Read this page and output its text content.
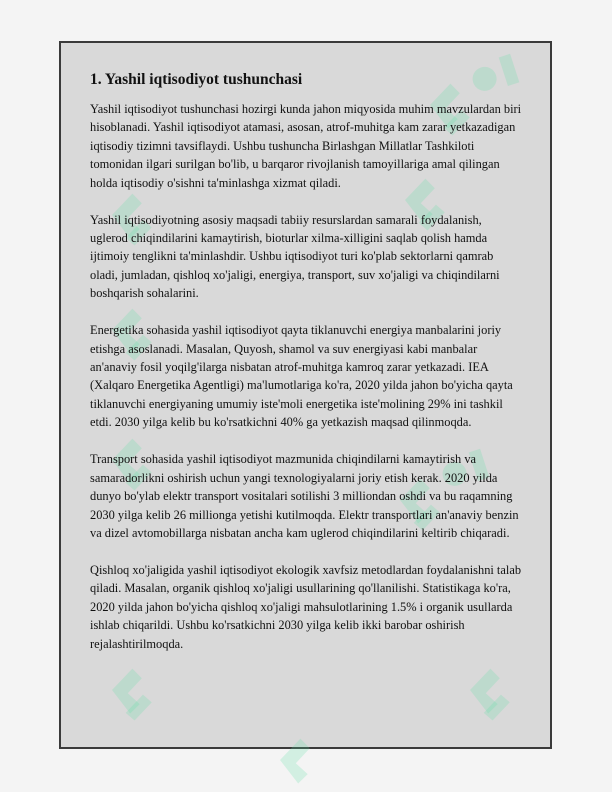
1. Yashil iqtisodiyot tushunchasi

Yashil iqtisodiyot tushunchasi hozirgi kunda jahon miqyosida muhim mavzulardan biri hisoblanadi. Yashil iqtisodiyot atamasi, asosan, atrof-muhitga kam zarar yetkazadigan iqtisodiy tizimni tavsiflaydi. Ushbu tushuncha Birlashgan Millatlar Tashkiloti tomonidan ilgari surilgan bo'lib, u barqaror rivojlanish tamoyillariga amal qilingan holda iqtisodiy o'sishni ta'minlashga xizmat qiladi.

Yashil iqtisodiyotning asosiy maqsadi tabiiy resurslardan samarali foydalanish, uglerod chiqindilarini kamaytirish, bioturlar xilma-xilligini saqlab qolish hamda ijtimoiy tenglikni ta'minlashdir. Ushbu iqtisodiyot turi ko'plab sektorlarni qamrab oladi, jumladan, qishloq xo'jaligi, energiya, transport, suv xo'jaligi va chiqindilarni boshqarish sohalarini.

Energetika sohasida yashil iqtisodiyot qayta tiklanuvchi energiya manbalarini joriy etishga asoslanadi. Masalan, Quyosh, shamol va suv energiyasi kabi manbalar an'anaviy fosil yoqilg'ilarga nisbatan atrof-muhitga kamroq zarar yetkazadi. IEA (Xalqaro Energetika Agentligi) ma'lumotlariga ko'ra, 2020 yilda jahon bo'yicha qayta tiklanuvchi energiyaning umumiy iste'moli energetika iste'molining 29% ini tashkil etdi. 2030 yilga kelib bu ko'rsatkichni 40% ga yetkazish maqsad qilinmoqda.

Transport sohasida yashil iqtisodiyot mazmunida chiqindilarni kamaytirish va samaradorlikni oshirish uchun yangi texnologiyalarni joriy etish kerak. 2020 yilda dunyo bo'ylab elektr transport vositalari sotilishi 3 milliondan oshdi va bu raqamning 2030 yilga kelib 26 millionga yetishi kutilmoqda. Elektr transportlari an'anaviy benzin va dizel avtomobillarga nisbatan ancha kam uglerod chiqindilarini keltirib chiqaradi.

Qishloq xo'jaligida yashil iqtisodiyot ekologik xavfsiz metodlardan foydalanishni talab qiladi. Masalan, organik qishloq xo'jaligi usullarining qo'llanilishi. Statistikaga ko'ra, 2020 yilda jahon bo'yicha qishloq xo'jaligi mahsulotlarining 1.5% i organik usullarda ishlab chiqarildi. Ushbu ko'rsatkichni 2030 yilga kelib ikki barobar oshirish rejalashtirilmoqda.
